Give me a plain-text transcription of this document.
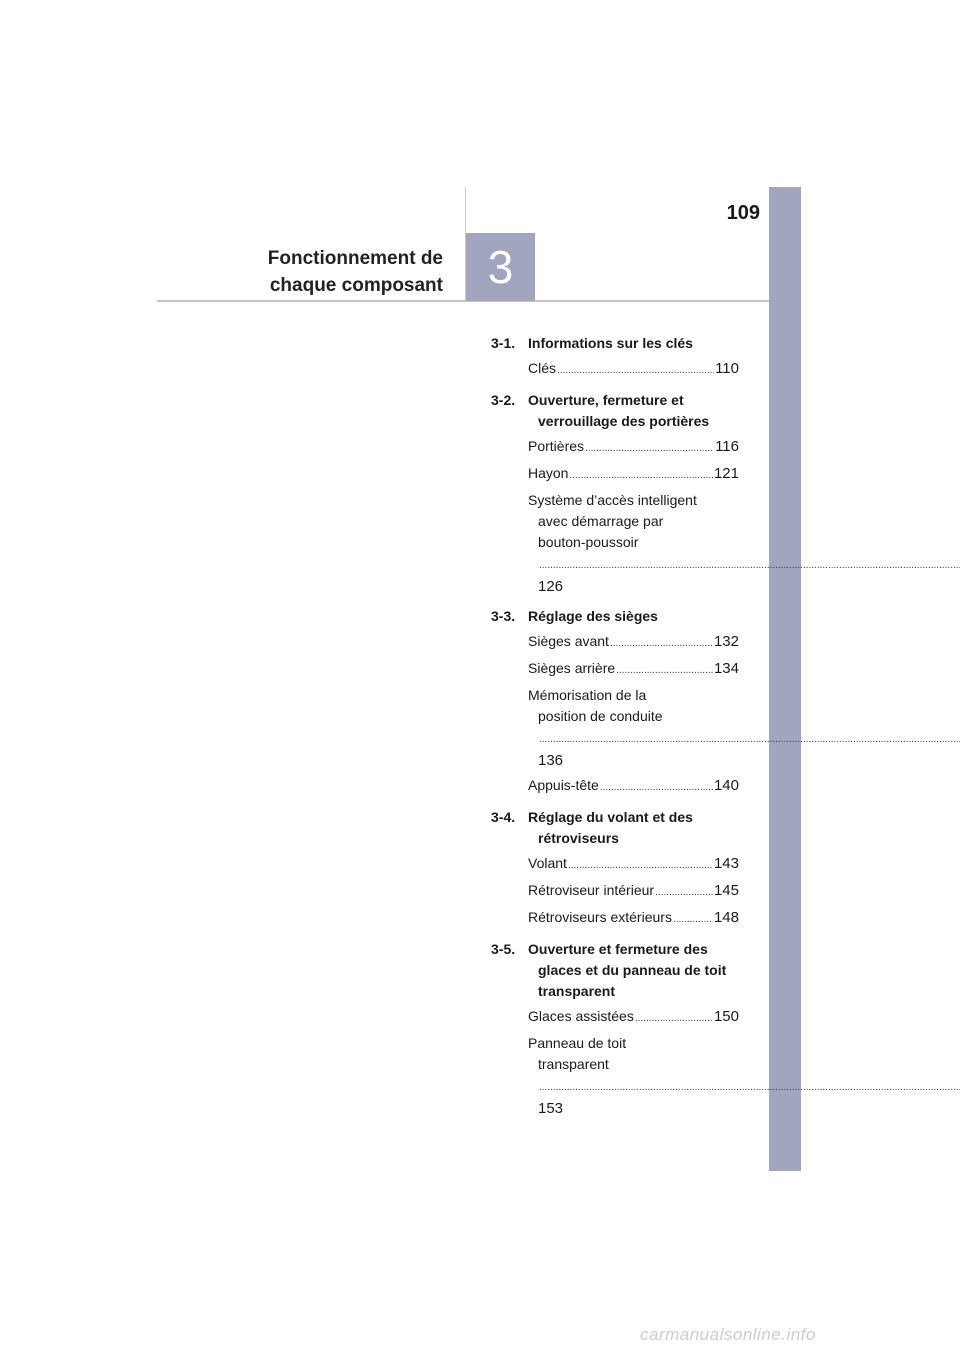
109
Fonctionnement de
chaque composant 3
3-1. Informations sur les clés
Clés .....	110
3-2. Ouverture, fermeture et
verrouillage des portières
Portières .....	116
Hayon .....	121
Système d’accès intelligent
avec démarrage par
bouton-poussoir ..... 126
3-3. Réglage des sièges
Sièges avant .....	132
Sièges arrière .....	134
Mémorisation de la
position de conduite ..... 136
Appuis-tête .....	140
3-4. Réglage du volant et des
rétroviseurs
Volant .....	143
Rétroviseur intérieur .....	145
Rétroviseurs extérieurs .....	148
3-5. Ouverture et fermeture des
glaces et du panneau de toit
transparent
Glaces assistées .....	150
Panneau de toit
transparent ..... 153
carmanualsonline.info
